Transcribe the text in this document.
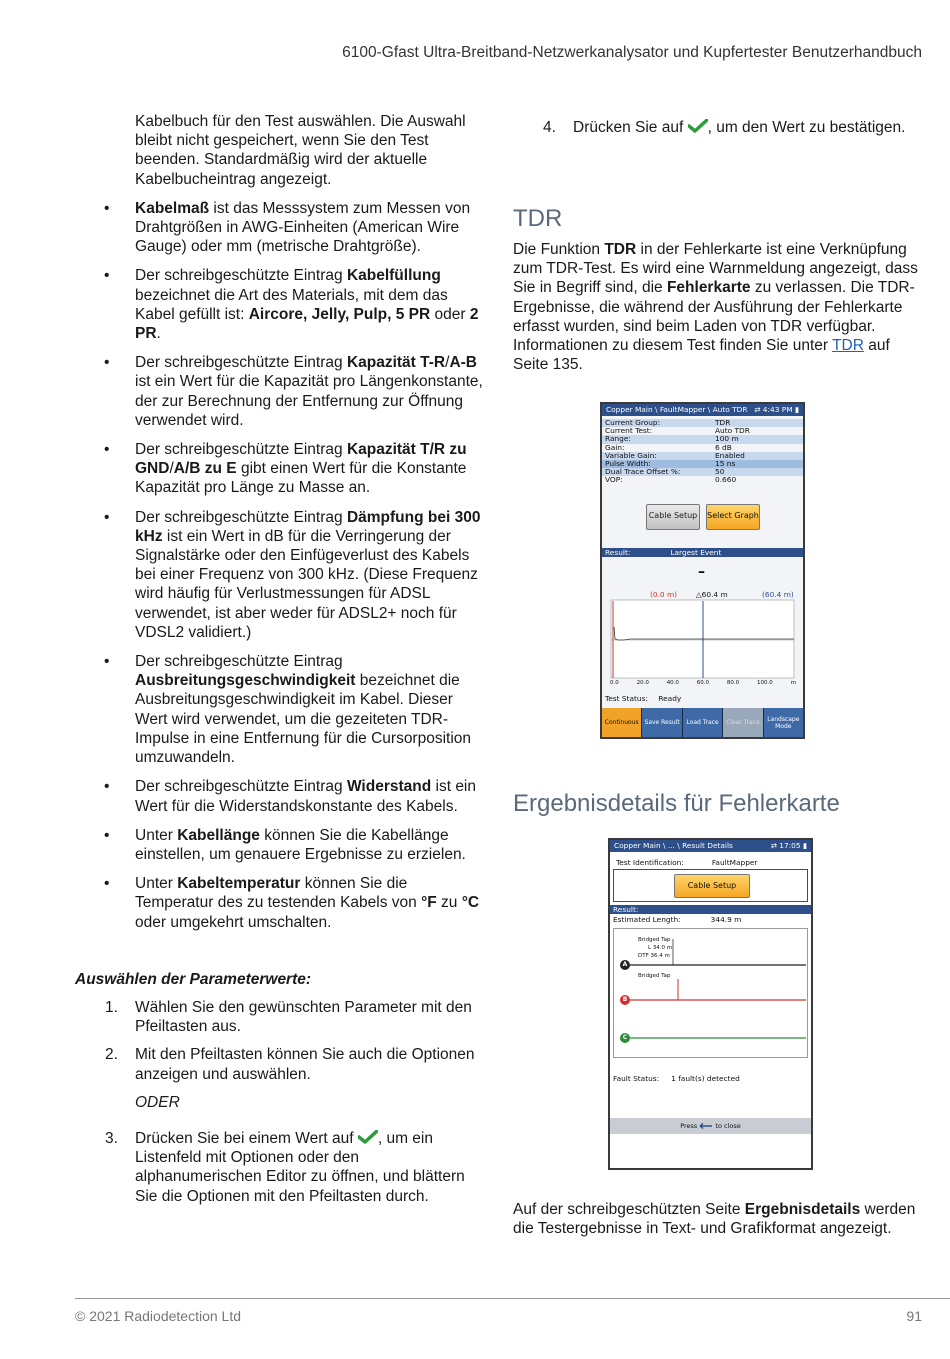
6100-Gfast Ultra-Breitband-Netzwerkanalysator und Kupfertester Benutzerhandbuch
Kabelbuch für den Test auswählen. Die Auswahl bleibt nicht gespeichert, wenn Sie den Test beenden. Standardmäßig wird der aktuelle Kabelbucheintrag angezeigt.
• Kabelmaß ist das Messsystem zum Messen von Drahtgrößen in AWG-Einheiten (American Wire Gauge) oder mm (metrische Drahtgröße).
• Der schreibgeschützte Eintrag Kabelfüllung bezeichnet die Art des Materials, mit dem das Kabel gefüllt ist: Aircore, Jelly, Pulp, 5 PR oder 2 PR.
• Der schreibgeschützte Eintrag Kapazität T-R/A-B ist ein Wert für die Kapazität pro Längenkonstante, der zur Berechnung der Entfernung zur Öffnung verwendet wird.
• Der schreibgeschützte Eintrag Kapazität T/R zu GND/A/B zu E gibt einen Wert für die Konstante Kapazität pro Länge zu Masse an.
• Der schreibgeschützte Eintrag Dämpfung bei 300 kHz ist ein Wert in dB für die Verringerung der Signalstärke oder den Einfügeverlust des Kabels bei einer Frequenz von 300 kHz. (Diese Frequenz wird häufig für Verlustmessungen für ADSL verwendet, ist aber weder für ADSL2+ noch für VDSL2 validiert.)
• Der schreibgeschützte Eintrag Ausbreitungsgeschwindigkeit bezeichnet die Ausbreitungsgeschwindigkeit im Kabel. Dieser Wert wird verwendet, um die gezeiteten TDR-Impulse in eine Entfernung für die Cursorposition umzuwandeln.
• Der schreibgeschützte Eintrag Widerstand ist ein Wert für die Widerstandskonstante des Kabels.
• Unter Kabellänge können Sie die Kabellänge einstellen, um genauere Ergebnisse zu erzielen.
• Unter Kabeltemperatur können Sie die Temperatur des zu testenden Kabels von °F zu °C oder umgekehrt umschalten.
Auswählen der Parameterwerte:
1. Wählen Sie den gewünschten Parameter mit den Pfeiltasten aus.
2. Mit den Pfeiltasten können Sie auch die Optionen anzeigen und auswählen.
ODER
3. Drücken Sie bei einem Wert auf , um ein Listenfeld mit Optionen oder den alphanumerischen Editor zu öffnen, und blättern Sie die Optionen mit den Pfeiltasten durch.
4. Drücken Sie auf , um den Wert zu bestätigen.
TDR
Die Funktion TDR in der Fehlerkarte ist eine Verknüpfung zum TDR-Test. Es wird eine Warnmeldung angezeigt, dass Sie in Begriff sind, die Fehlerkarte zu verlassen. Die TDR-Ergebnisse, die während der Ausführung der Fehlerkarte erfasst wurden, sind beim Laden von TDR verfügbar. Informationen zu diesem Test finden Sie unter TDR auf Seite 135.
Copper Main \ FaultMapper \ Auto TDR ⇄ 4:43 PM ▮
Current Group:	TDR
Current Test:	Auto TDR
Range:	100 m
Gain:	6 dB
Variable Gain:	Enabled
Pulse Width:	15 ns
Dual Trace Offset %:	50
VOP:	0.660
Cable Setup	Select Graph
Result:	Largest Event
–
(0.0 m)	△60.4 m	(60.4 m)
0.0	20.0	40.0	60.0	80.0	100.0	m
Test Status: Ready
Continuous Save Result	Load Trace	Clear Trace	Landscape Mode
Ergebnisdetails für Fehlerkarte
Copper Main \ ... \ Result Details	⇄ 17:05 ▮
Test Identification:	FaultMapper
Cable Setup
Result:
Estimated Length:	344.9 m
Bridged Tap
L 34.0 m
DTF 36.4 m
Bridged Tap
A
B
C
Fault Status: 1 fault(s) detected
Press	to close
Auf der schreibgeschützten Seite Ergebnisdetails werden die Testergebnisse in Text- und Grafikformat angezeigt.
© 2021 Radiodetection Ltd	91
